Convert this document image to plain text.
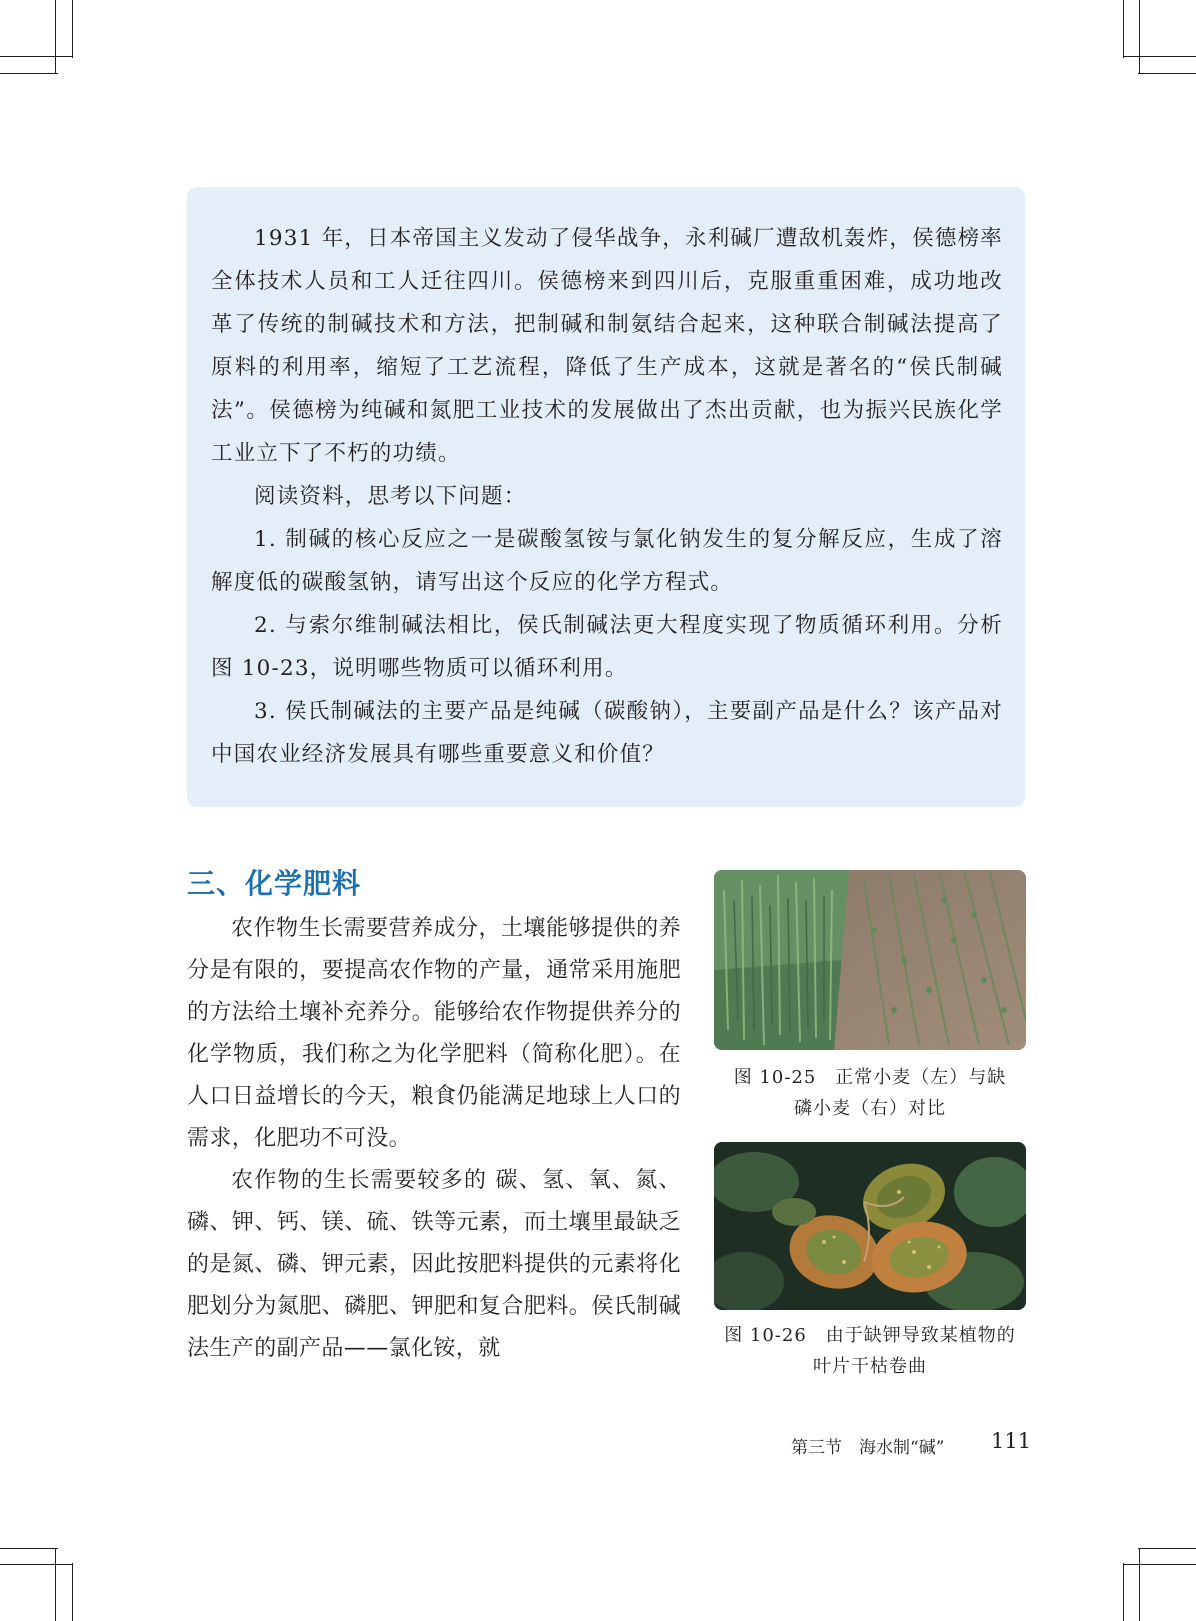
1931 年，日本帝国主义发动了侵华战争，永利碱厂遭敌机轰炸，侯德榜率全体技术人员和工人迁往四川。侯德榜来到四川后，克服重重困难，成功地改革了传统的制碱技术和方法，把制碱和制氨结合起来，这种联合制碱法提高了原料的利用率，缩短了工艺流程，降低了生产成本，这就是著名的“侯氏制碱法”。侯德榜为纯碱和氮肥工业技术的发展做出了杰出贡献，也为振兴民族化学工业立下了不朽的功绩。

阅读资料，思考以下问题：

1. 制碱的核心反应之一是碳酸氢铵与氯化钠发生的复分解反应，生成了溶解度低的碳酸氢钠，请写出这个反应的化学方程式。

2. 与索尔维制碱法相比，侯氏制碱法更大程度实现了物质循环利用。分析图 10-23，说明哪些物质可以循环利用。

3. 侯氏制碱法的主要产品是纯碱（碳酸钠），主要副产品是什么？该产品对中国农业经济发展具有哪些重要意义和价值？

三、化学肥料

农作物生长需要营养成分，土壤能够提供的养分是有限的，要提高农作物的产量，通常采用施肥的方法给土壤补充养分。能够给农作物提供养分的化学物质，我们称之为化学肥料（简称化肥）。在人口日益增长的今天，粮食仍能满足地球上人口的需求，化肥功不可没。

农作物的生长需要较多的 碳、氢、氧、氮、磷、钾、钙、镁、硫、铁等元素，而土壤里最缺乏的是氮、磷、钾元素，因此按肥料提供的元素将化肥划分为氮肥、磷肥、钾肥和复合肥料。侯氏制碱法生产的副产品——氯化铵，就

图 10-25　正常小麦（左）与缺
磷小麦（右）对比
图 10-26　由于缺钾导致某植物的
叶片干枯卷曲
第三节　海水制“碱” 111
